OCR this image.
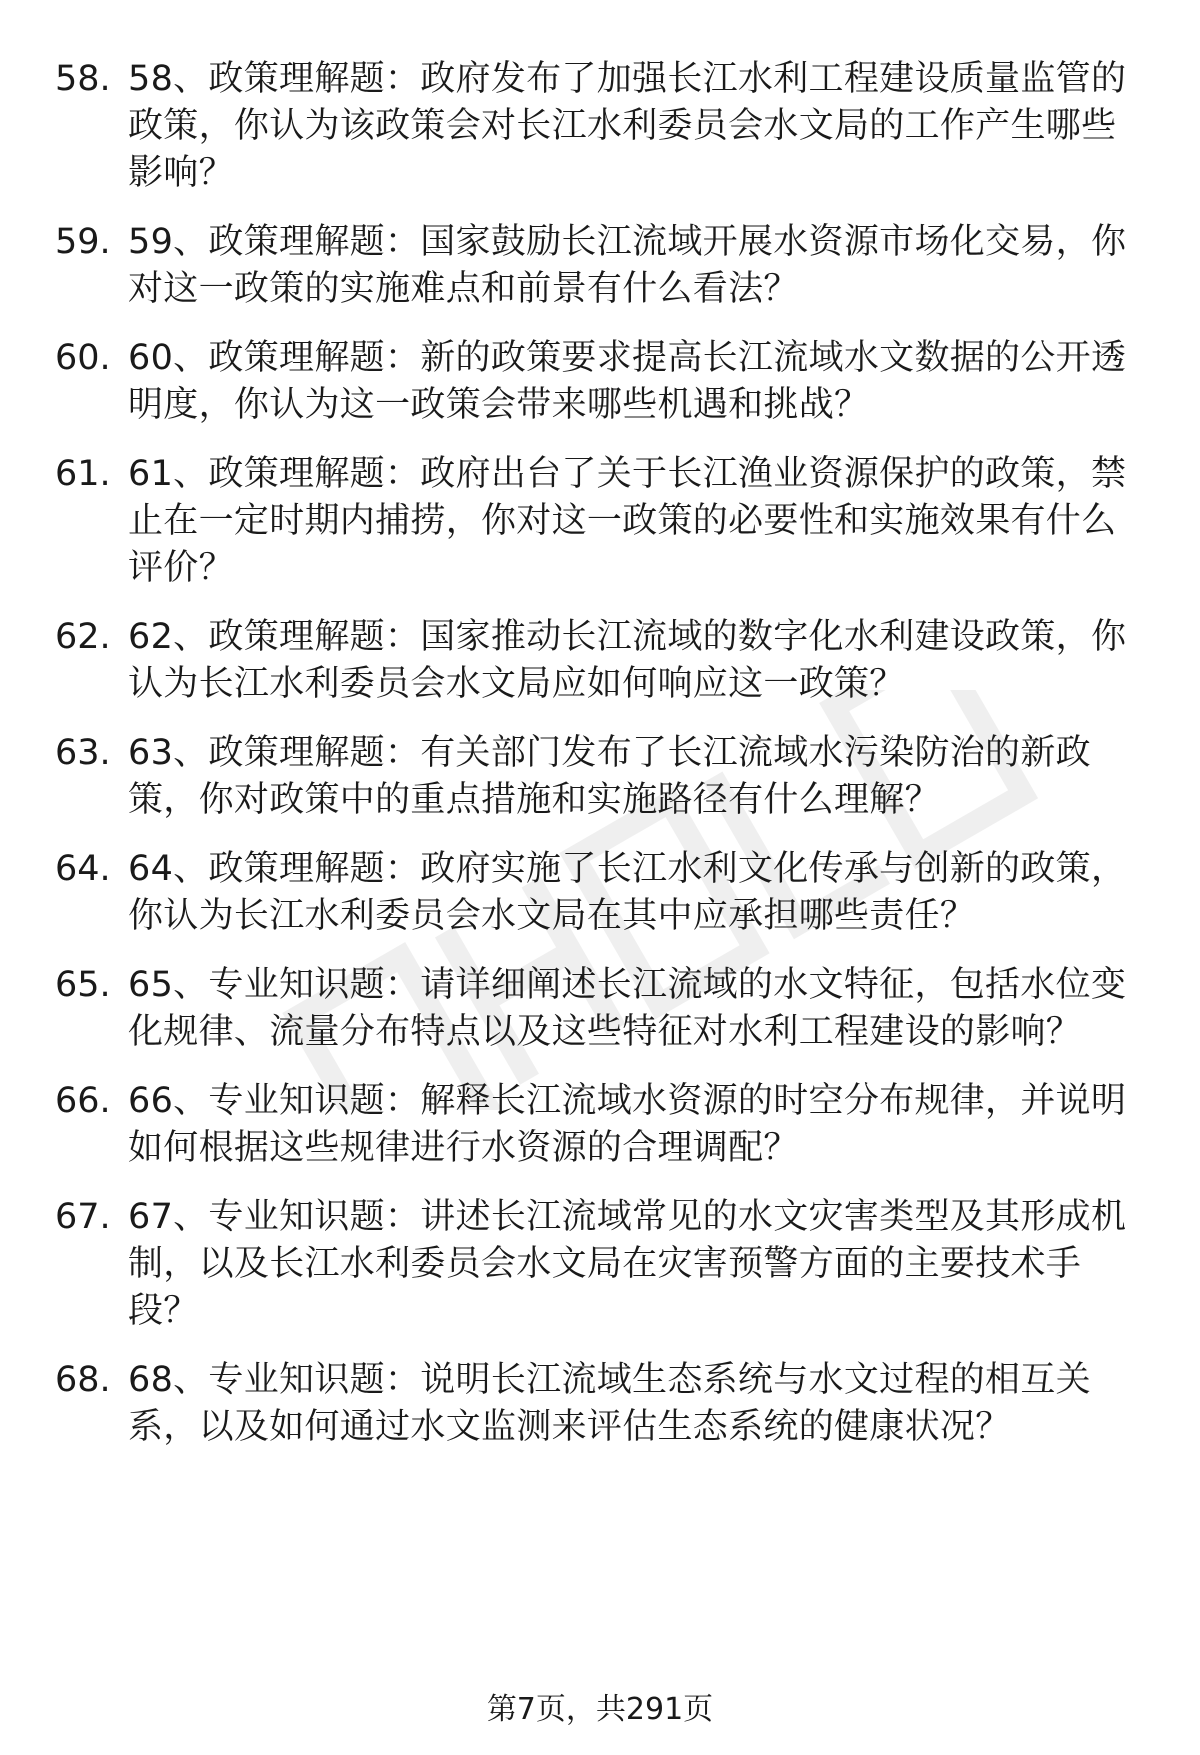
58. 58、政策理解题：政府发布了加强长江水利工程建设质量监管的政策，你认为该政策会对长江水利委员会水文局的工作产生哪些影响？
59. 59、政策理解题：国家鼓励长江流域开展水资源市场化交易，你对这一政策的实施难点和前景有什么看法？
60. 60、政策理解题：新的政策要求提高长江流域水文数据的公开透明度，你认为这一政策会带来哪些机遇和挑战？
61. 61、政策理解题：政府出台了关于长江渔业资源保护的政策，禁止在一定时期内捕捞，你对这一政策的必要性和实施效果有什么评价？
62. 62、政策理解题：国家推动长江流域的数字化水利建设政策，你认为长江水利委员会水文局应如何响应这一政策？
63. 63、政策理解题：有关部门发布了长江流域水污染防治的新政策，你对政策中的重点措施和实施路径有什么理解？
64. 64、政策理解题：政府实施了长江水利文化传承与创新的政策，你认为长江水利委员会水文局在其中应承担哪些责任？
65. 65、专业知识题：请详细阐述长江流域的水文特征，包括水位变化规律、流量分布特点以及这些特征对水利工程建设的影响？
66. 66、专业知识题：解释长江流域水资源的时空分布规律，并说明如何根据这些规律进行水资源的合理调配？
67. 67、专业知识题：讲述长江流域常见的水文灾害类型及其形成机制，以及长江水利委员会水文局在灾害预警方面的主要技术手段？
68. 68、专业知识题：说明长江流域生态系统与水文过程的相互关系，以及如何通过水文监测来评估生态系统的健康状况？
第7页，共291页
